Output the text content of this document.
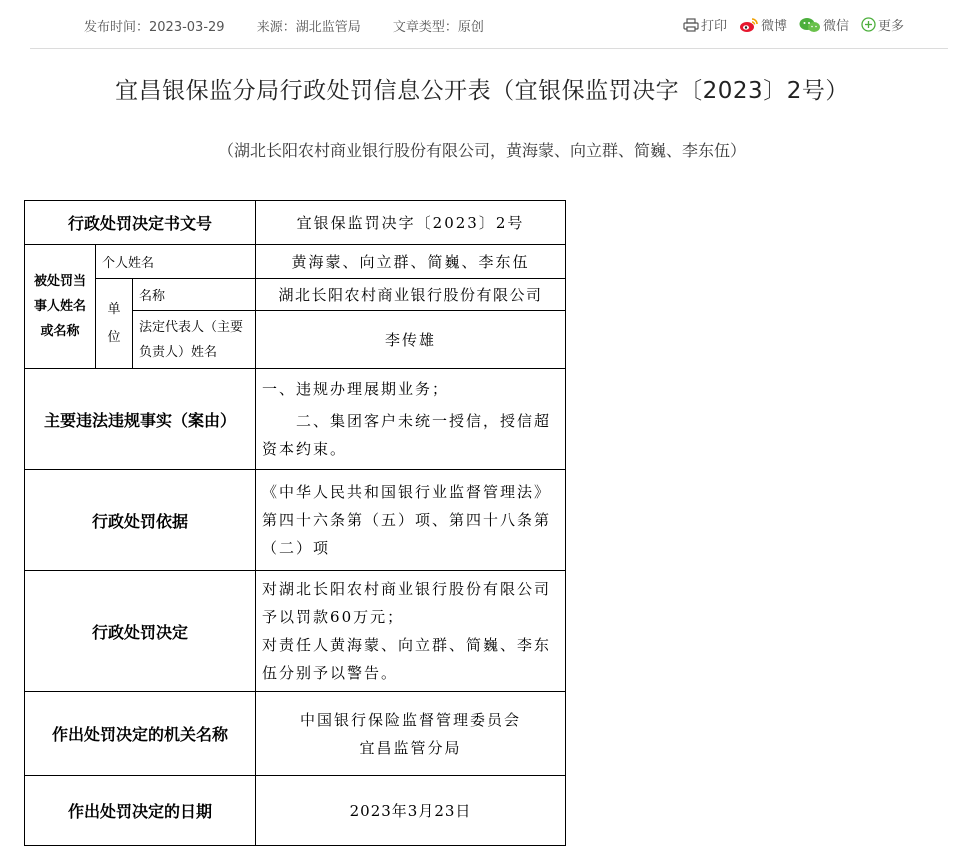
发布时间：2023-03-29 来源：湖北监管局 文章类型：原创	打印	微博	微信 更多
宜昌银保监分局行政处罚信息公开表（宜银保监罚决字〔2023〕2号）
（湖北长阳农村商业银行股份有限公司，黄海蒙、向立群、简巍、李东伍）
行政处罚决定书文号			宜银保监罚决字〔2023〕2号

被处罚当事人姓名或名称	个人姓名		黄海蒙、向立群、简巍、李东伍

	单位	名称	湖北长阳农村商业银行股份有限公司
		法定代表人（主要负责人）姓名	李传雄
主要违法违规事实（案由）			一、违规办理展期业务；

　　二、集团客户未统一授信，授信超资本约束。

行政处罚依据			《中华人民共和国银行业监督管理法》第四十六条第（五）项、第四十八条第（二）项
行政处罚决定			对湖北长阳农村商业银行股份有限公司予以罚款60万元；

对责任人黄海蒙、向立群、简巍、李东伍分别予以警告。

作出处罚决定的机关名称			中国银行保险监督管理委员会
宜昌监管分局

作出处罚决定的日期			2023年3月23日
